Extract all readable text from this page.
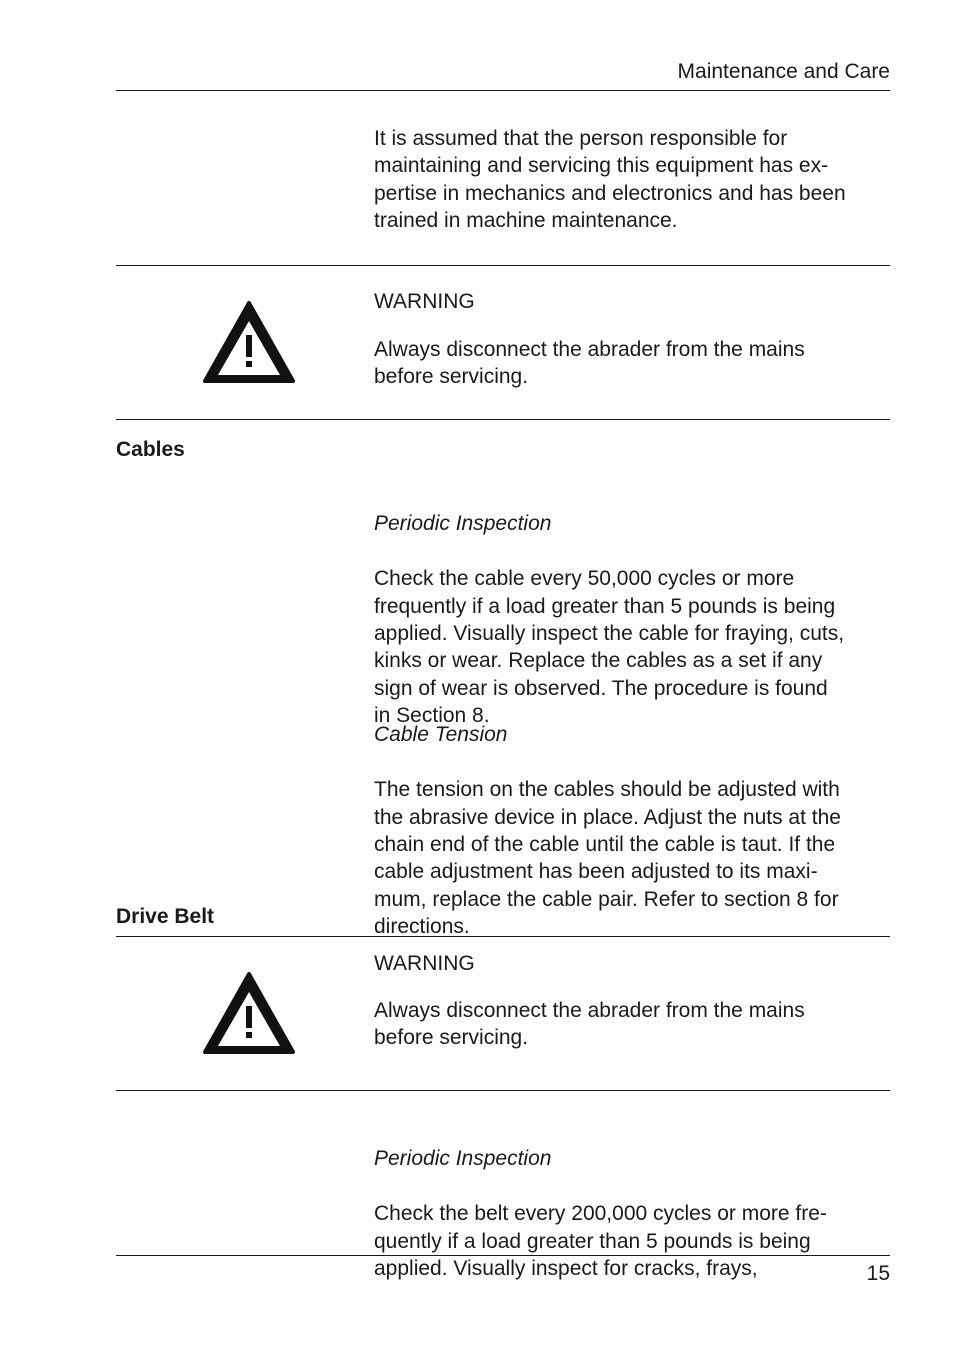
Maintenance and Care
It is assumed that the person responsible for
maintaining and servicing this equipment has ex-
pertise in mechanics and electronics and has been
trained in machine maintenance.
WARNING
Always disconnect the abrader from the mains
before servicing.
Cables

Periodic Inspection

Check the cable every 50,000 cycles or more
frequently if a load greater than 5 pounds is being
applied. Visually inspect the cable for fraying, cuts,
kinks or wear. Replace the cables as a set if any
sign of wear is observed. The procedure is found
in Section 8.

Cable Tension

The tension on the cables should be adjusted with
the abrasive device in place. Adjust the nuts at the
chain end of the cable until the cable is taut. If the
cable adjustment has been adjusted to its maxi-
mum, replace the cable pair. Refer to section 8 for
directions.

Drive Belt
WARNING
Always disconnect the abrader from the mains
before servicing.

Periodic Inspection

Check the belt every 200,000 cycles or more fre-
quently if a load greater than 5 pounds is being
applied. Visually inspect for cracks, frays,	15
